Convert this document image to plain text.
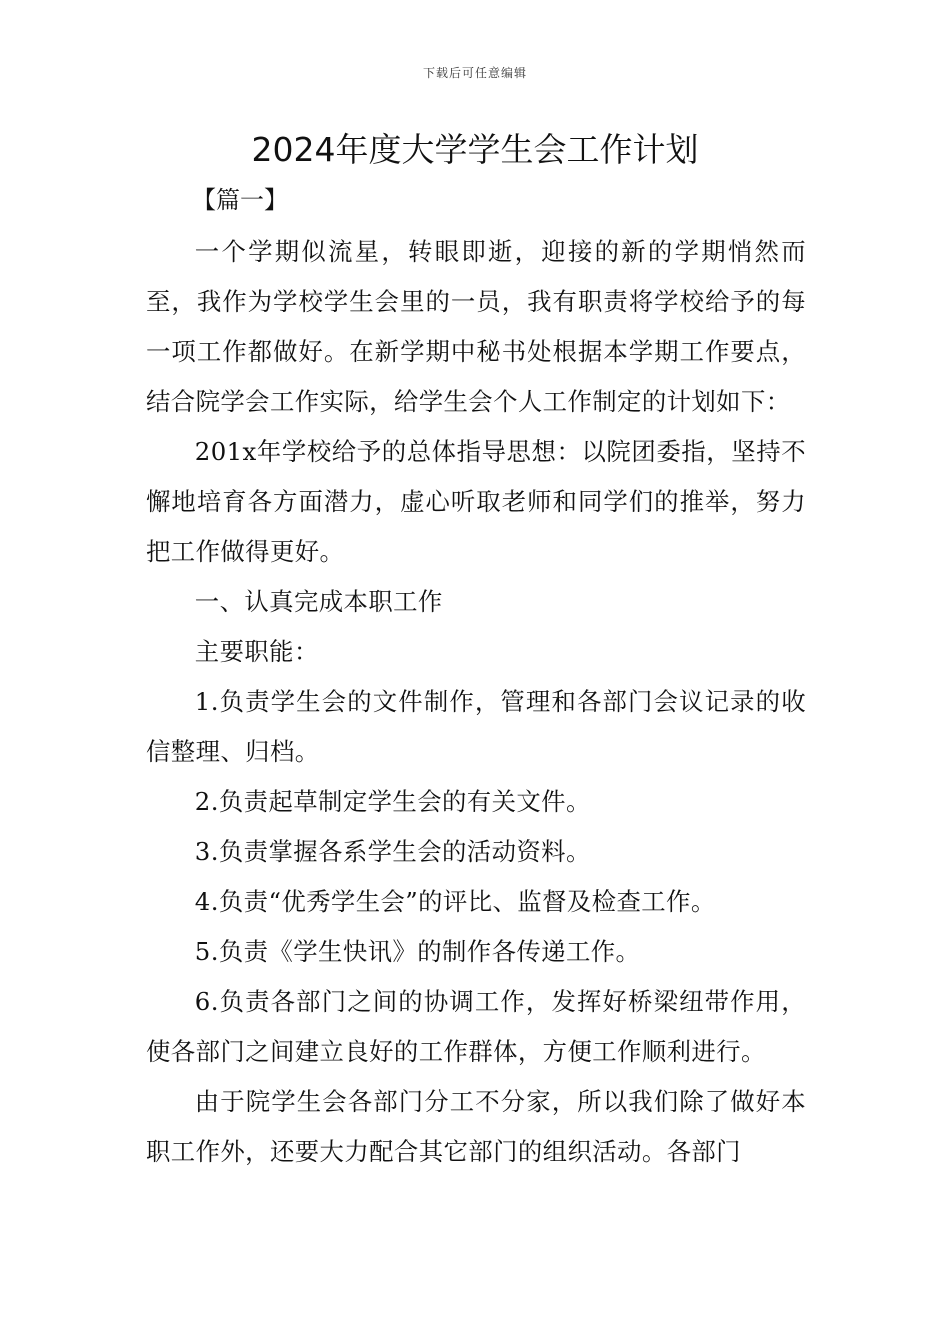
下载后可任意编辑
2024年度大学学生会工作计划
【篇一】

一个学期似流星，转眼即逝，迎接的新的学期悄然而至，我作为学校学生会里的一员，我有职责将学校给予的每一项工作都做好。在新学期中秘书处根据本学期工作要点，结合院学会工作实际，给学生会个人工作制定的计划如下：

201x年学校给予的总体指导思想：以院团委指，坚持不懈地培育各方面潜力，虚心听取老师和同学们的推举，努力把工作做得更好。

一、认真完成本职工作

主要职能：

1.负责学生会的文件制作，管理和各部门会议记录的收信整理、归档。

2.负责起草制定学生会的有关文件。

3.负责掌握各系学生会的活动资料。

4.负责“优秀学生会”的评比、监督及检查工作。

5.负责《学生快讯》的制作各传递工作。

6.负责各部门之间的协调工作，发挥好桥梁纽带作用，使各部门之间建立良好的工作群体，方便工作顺利进行。

由于院学生会各部门分工不分家，所以我们除了做好本职工作外，还要大力配合其它部门的组织活动。各部门
